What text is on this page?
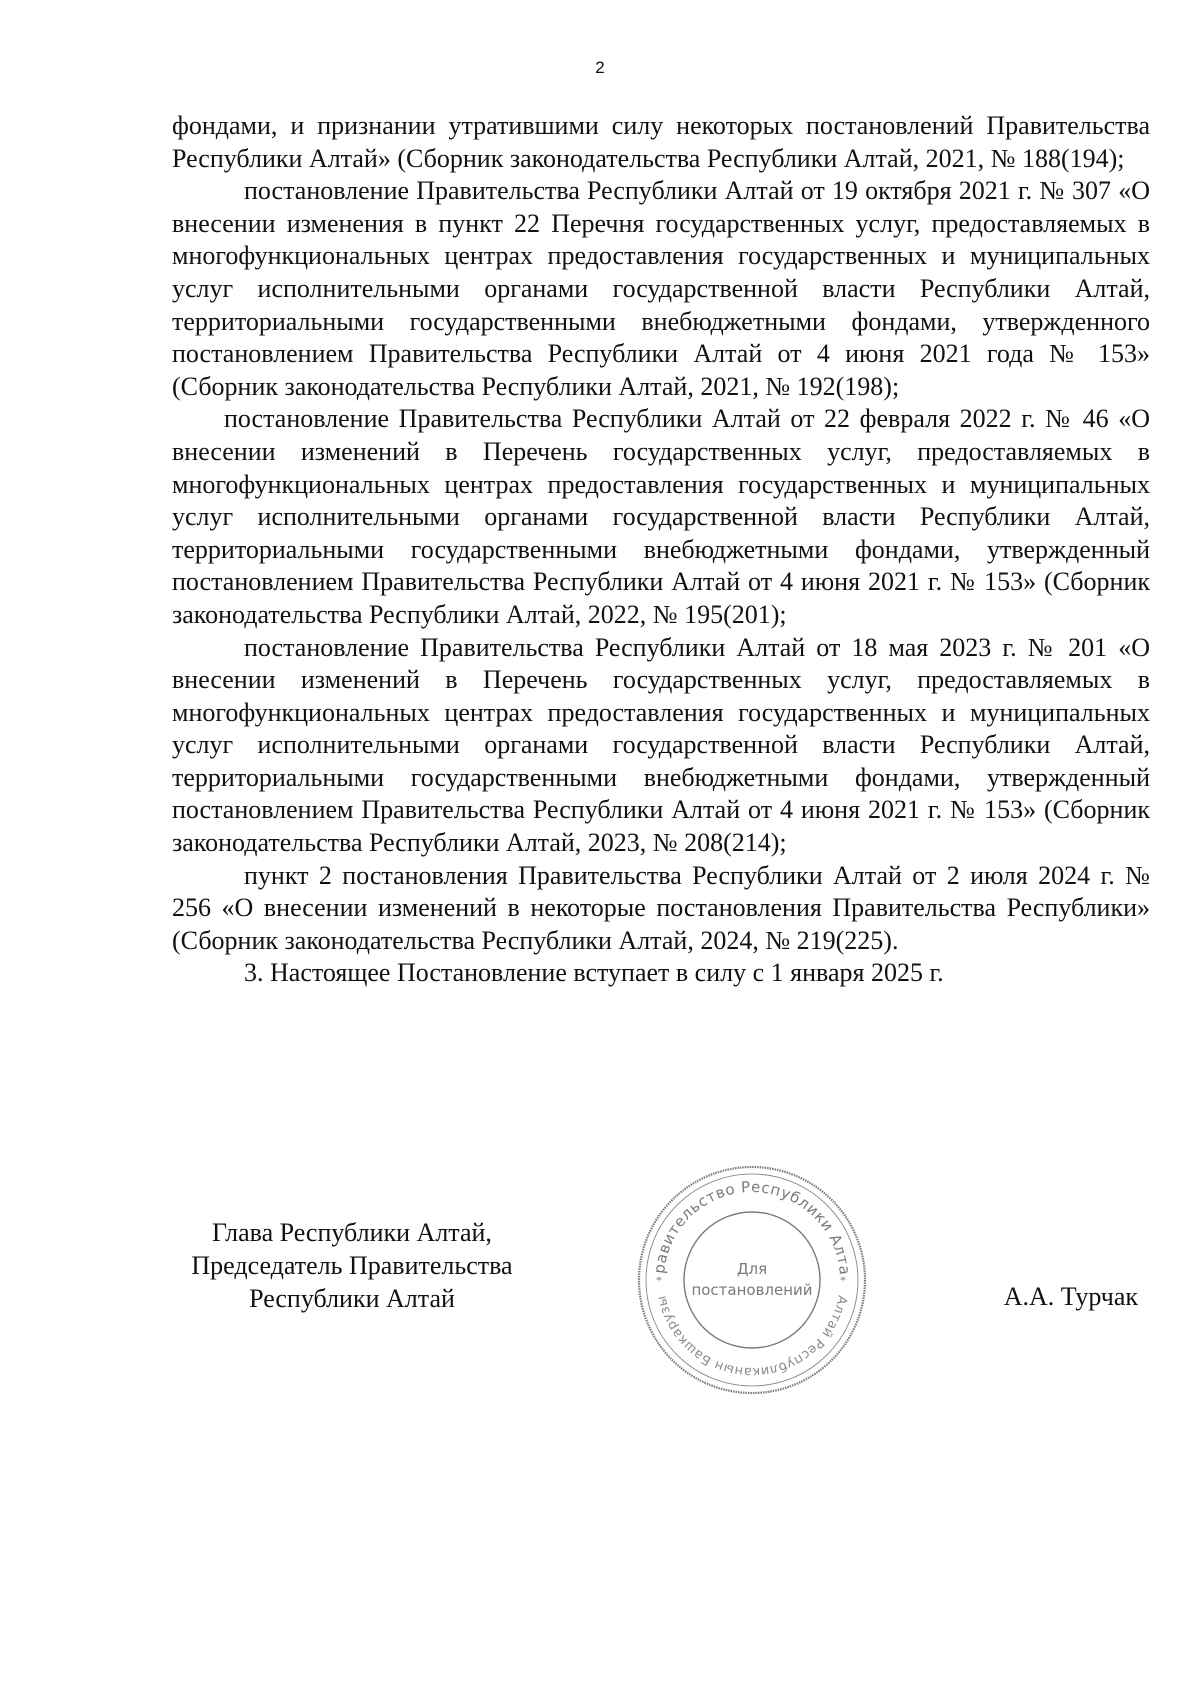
2

фондами, и признании утратившими силу некоторых постановлений Правительства Республики Алтай» (Сборник законодательства Республики Алтай, 2021, № 188(194);

постановление Правительства Республики Алтай от 19 октября 2021 г. № 307 «О внесении изменения в пункт 22 Перечня государственных услуг, предоставляемых в многофункциональных центрах предоставления государственных и муниципальных услуг исполнительными органами государственной власти Республики Алтай, территориальными государственными внебюджетными фондами, утвержденного постановлением Правительства Республики Алтай от 4 июня 2021 года № 153» (Сборник законодательства Республики Алтай, 2021, № 192(198);

постановление Правительства Республики Алтай от 22 февраля 2022 г. № 46 «О внесении изменений в Перечень государственных услуг, предоставляемых в многофункциональных центрах предоставления государственных и муниципальных услуг исполнительными органами государственной власти Республики Алтай, территориальными государственными внебюджетными фондами, утвержденный постановлением Правительства Республики Алтай от 4 июня 2021 г. № 153» (Сборник законодательства Республики Алтай, 2022, № 195(201);

постановление Правительства Республики Алтай от 18 мая 2023 г. № 201 «О внесении изменений в Перечень государственных услуг, предоставляемых в многофункциональных центрах предоставления государственных и муниципальных услуг исполнительными органами государственной власти Республики Алтай, территориальными государственными внебюджетными фондами, утвержденный постановлением Правительства Республики Алтай от 4 июня 2021 г. № 153» (Сборник законодательства Республики Алтай, 2023, № 208(214);

пункт 2 постановления Правительства Республики Алтай от 2 июля 2024 г. № 256 «О внесении изменений в некоторые постановления Правительства Республики» (Сборник законодательства Республики Алтай, 2024, № 219(225).

3. Настоящее Постановление вступает в силу с 1 января 2025 г.

Глава Республики Алтай,
Председатель Правительства
Республики Алтай
равительство Республики Алта
Алтай Республиканын Башкарузы
Для
постановлений
*	*
А.А. Турчак
